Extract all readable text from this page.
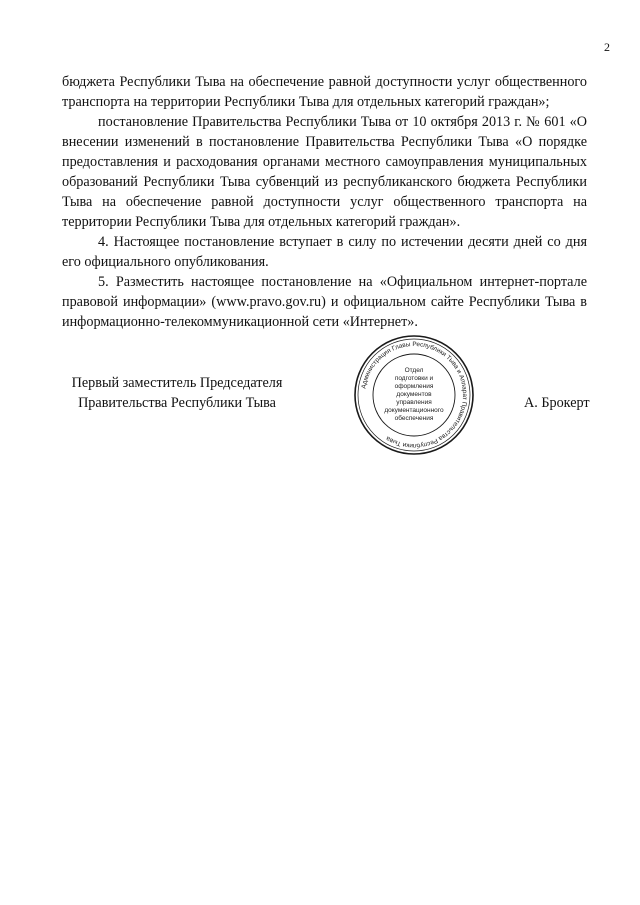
2

бюджета Республики Тыва на обеспечение равной доступности услуг общественного транспорта на территории Республики Тыва для отдельных категорий граждан»;

постановление Правительства Республики Тыва от 10 октября 2013 г. № 601 «О внесении изменений в постановление Правительства Республики Тыва «О порядке предоставления и расходования органами местного самоуправления муниципальных образований Республики Тыва субвенций из республиканского бюджета Республики Тыва на обеспечение равной доступности услуг общественного транспорта на территории Республики Тыва для отдельных категорий граждан».

4. Настоящее постановление вступает в силу по истечении десяти дней со дня его официального опубликования.

5. Разместить настоящее постановление на «Официальном интернет-портале правовой информации» (www.pravo.gov.ru) и официальном сайте Республики Тыва в информационно-телекоммуникационной сети «Интернет».

Первый заместитель Председателя
Правительства Республики Тыва
Администрация Главы Республики Тыва и Аппарат Правительства Республики Тыва
Отдел
подготовки и
оформления документов
управления
документационного
обеспечения
А. Брокерт
